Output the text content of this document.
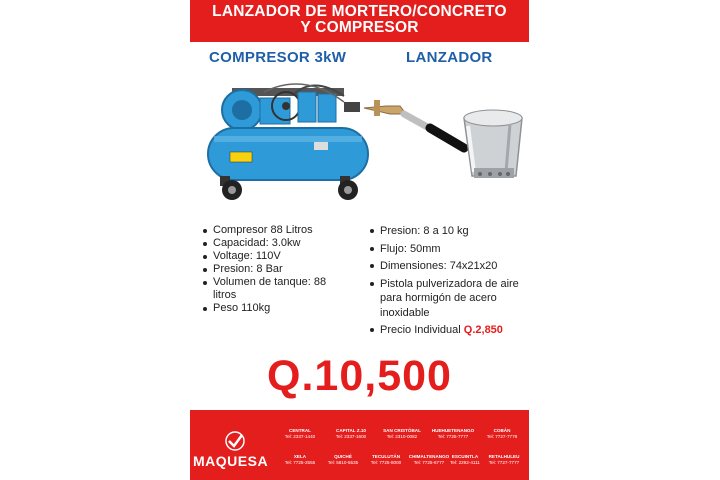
LANZADOR DE MORTERO/CONCRETO
Y COMPRESOR
COMPRESOR 3kW	LANZADOR
Compresor 88 Litros
Capacidad: 3.0kw
Voltage: 110V
Presion: 8 Bar
Volumen de tanque: 88 litros
Peso 110kg
Presion: 8 a 10 kg
Flujo: 50mm
Dimensiones: 74x21x20
Pistola pulverizadora de aire para hormigón de acero inoxidable
Precio Individual Q.2,850
Q.10,500
MAQUESA
CENTRAL
Tel: 2337-1440
CAPITAL Z.10
Tel: 2337-1600
SAN CRISTÓBAL
Tel: 2310-0082
HUEHUETENANGO
Tel: 7725-7777
COBÁN
Tel: 7727-7778
XELA
Tel: 7725-2555
QUICHÉ
Tel: 5810-5535
TECULUTÁN
Tel: 7725-8000
CHIMALTENANGO
Tel: 7725-6777
ESCUINTLA
Tel: 2292-4111
RETALHULEU
Tel: 7727-7777
